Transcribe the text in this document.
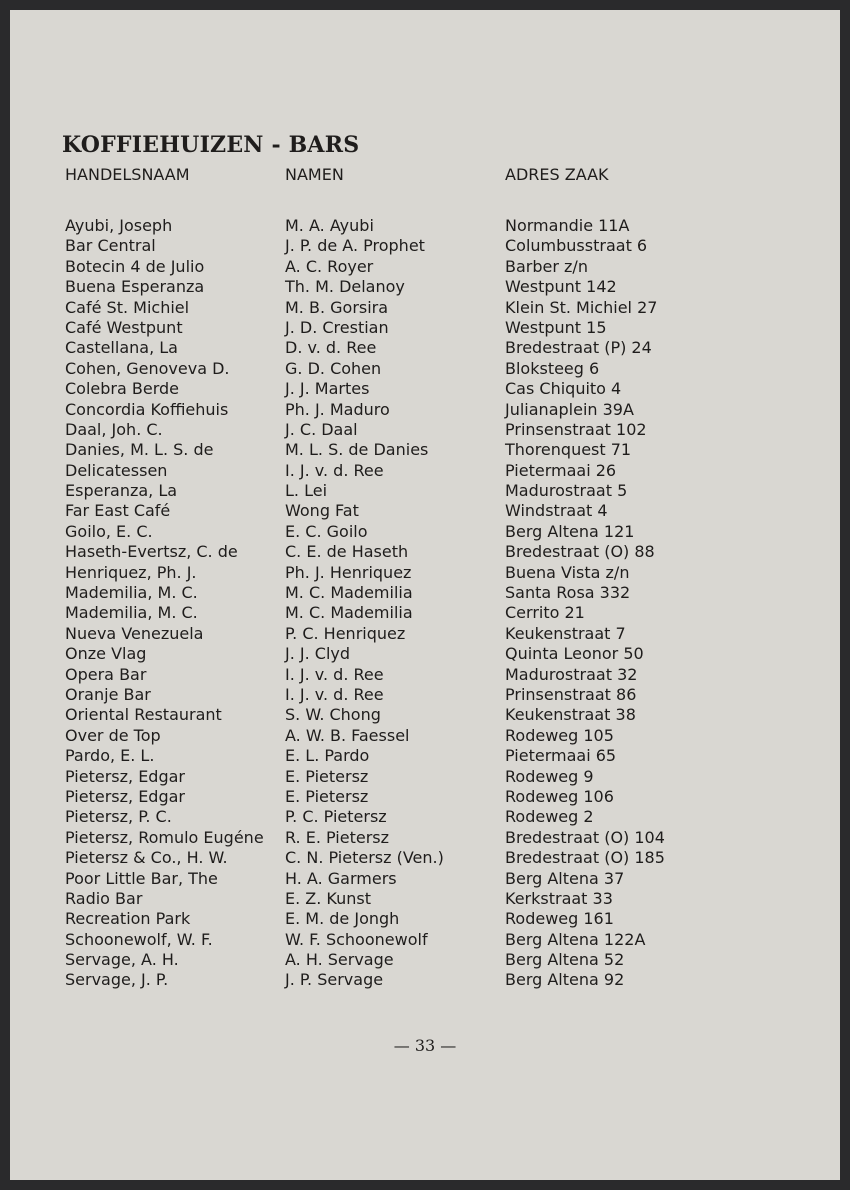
KOFFIEHUIZEN - BARS
HANDELSNAAM
Ayubi, Joseph
Bar Central
Botecin 4 de Julio
Buena Esperanza
Café St. Michiel
Café Westpunt
Castellana, La
Cohen, Genoveva D.
Colebra Berde
Concordia Koffiehuis
Daal, Joh. C.
Danies, M. L. S. de
Delicatessen
Esperanza, La
Far East Café
Goilo, E. C.
Haseth-Evertsz, C. de
Henriquez, Ph. J.
Mademilia, M. C.
Mademilia, M. C.
Nueva Venezuela
Onze Vlag
Opera Bar
Oranje Bar
Oriental Restaurant
Over de Top
Pardo, E. L.
Pietersz, Edgar
Pietersz, Edgar
Pietersz, P. C.
Pietersz, Romulo Eugéne
Pietersz & Co., H. W.
Poor Little Bar, The
Radio Bar
Recreation Park
Schoonewolf, W. F.
Servage, A. H.
Servage, J. P.
NAMEN
M. A. Ayubi
J. P. de A. Prophet
A. C. Royer
Th. M. Delanoy
M. B. Gorsira
J. D. Crestian
D. v. d. Ree
G. D. Cohen
J. J. Martes
Ph. J. Maduro
J. C. Daal
M. L. S. de Danies
I. J. v. d. Ree
L. Lei
Wong Fat
E. C. Goilo
C. E. de Haseth
Ph. J. Henriquez
M. C. Mademilia
M. C. Mademilia
P. C. Henriquez
J. J. Clyd
I. J. v. d. Ree
I. J. v. d. Ree
S. W. Chong
A. W. B. Faessel
E. L. Pardo
E. Pietersz
E. Pietersz
P. C. Pietersz
R. E. Pietersz
C. N. Pietersz (Ven.)
H. A. Garmers
E. Z. Kunst
E. M. de Jongh
W. F. Schoonewolf
A. H. Servage
J. P. Servage
ADRES ZAAK
Normandie 11A
Columbusstraat 6
Barber z/n
Westpunt 142
Klein St. Michiel 27
Westpunt 15
Bredestraat (P) 24
Bloksteeg 6
Cas Chiquito 4
Julianaplein 39A
Prinsenstraat 102
Thorenquest 71
Pietermaai 26
Madurostraat 5
Windstraat 4
Berg Altena 121
Bredestraat (O) 88
Buena Vista z/n
Santa Rosa 332
Cerrito 21
Keukenstraat 7
Quinta Leonor 50
Madurostraat 32
Prinsenstraat 86
Keukenstraat 38
Rodeweg 105
Pietermaai 65
Rodeweg 9
Rodeweg 106
Rodeweg 2
Bredestraat (O) 104
Bredestraat (O) 185
Berg Altena 37
Kerkstraat 33
Rodeweg 161
Berg Altena 122A
Berg Altena 52
Berg Altena 92
— 33 —
